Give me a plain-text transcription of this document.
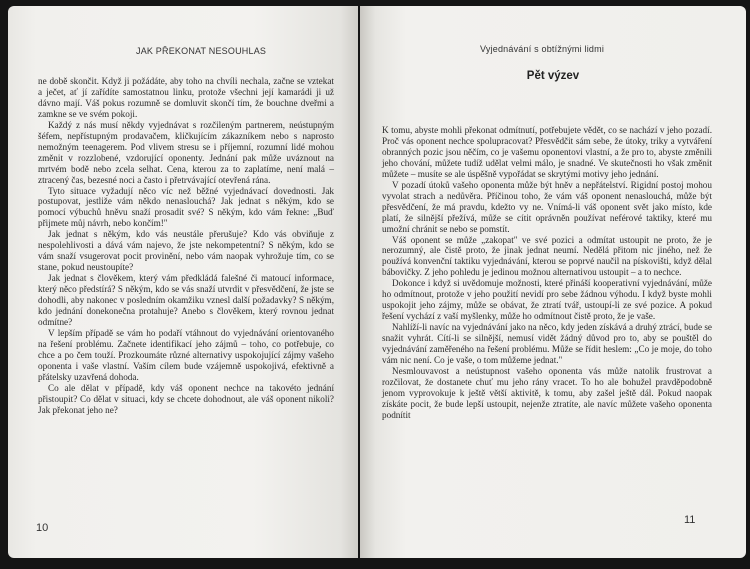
JAK PŘEKONAT NESOUHLAS

ne době skončit. Když ji požádáte, aby toho na chvíli nechala, začne se vztekat a ječet, ať jí zařídíte samostatnou linku, protože všechni její kamarádi ji už dávno mají. Váš pokus rozumně se domluvit skončí tím, že bouchne dveřmi a zamkne se ve svém pokoji.

Každý z nás musí někdy vyjednávat s rozčileným partnerem, neústupným šéfem, nepřístupným prodavačem, kličkujícím zákazníkem nebo s naprosto nemožným teenagerem. Pod vlivem stresu se i příjemní, rozumní lidé mohou změnit v rozzlobené, vzdorující oponenty. Jednání pak může uváznout na mrtvém bodě nebo zcela selhat. Cena, kterou za to zaplatíme, není malá – ztracený čas, bezesné noci a často i přetrvávající otevřená rána.

Tyto situace vyžadují něco víc než běžné vyjednávací dovednosti. Jak postupovat, jestliže vám někdo nenaslouchá? Jak jednat s někým, kdo se pomocí výbuchů hněvu snaží prosadit své? S někým, kdo vám řekne: „Buď přijmete můj návrh, nebo končím!"

Jak jednat s někým, kdo vás neustále přerušuje? Kdo vás obviňuje z nespolehlivosti a dává vám najevo, že jste nekompetentní? S někým, kdo se vám snaží vsugerovat pocit provinění, nebo vám naopak vyhrožuje tím, co se stane, pokud neustoupíte?

Jak jednat s člověkem, který vám předkládá falešné či matoucí informace, který něco předstírá? S někým, kdo se vás snaží utvrdit v přesvědčení, že jste se dohodli, aby nakonec v posledním okamžiku vznesl další požadavky? S někým, kdo jednání donekonečna protahuje? Anebo s člověkem, který rovnou jednat odmítne?

V lepším případě se vám ho podaří vtáhnout do vyjednávání orientovaného na řešení problému. Začnete identifikací jeho zájmů – toho, co potřebuje, co chce a po čem touží. Prozkoumáte různé alternativy uspokojující zájmy vašeho oponenta i vaše vlastní. Vaším cílem bude vzájemně uspokojivá, efektivně a přátelsky uzavřená dohoda.

Co ale dělat v případě, kdy váš oponent nechce na takovéto jednání přistoupit? Co dělat v situaci, kdy se chcete dohodnout, ale váš oponent nikoli? Jak překonat jeho ne?

10
Vyjednávání s obtížnými lidmi
Pět výzev

K tomu, abyste mohli překonat odmítnutí, potřebujete vědět, co se nachází v jeho pozadí. Proč vás oponent nechce spolupracovat? Přesvědčit sám sebe, že útoky, triky a vytváření obranných pozic jsou něčím, co je vašemu oponentovi vlastní, a že pro to, abyste změnili jeho chování, můžete tudíž udělat velmi málo, je snadné. Ve skutečnosti ho však změnit můžete – musíte se ale úspěšně vypořádat se skrytými motivy jeho jednání.

V pozadí útoků vašeho oponenta může být hněv a nepřátelství. Rigidní postoj mohou vyvolat strach a nedůvěra. Příčinou toho, že vám váš oponent nenaslouchá, může být přesvědčení, že má pravdu, kdežto vy ne. Vnímá-li váš oponent svět jako místo, kde platí, že silnější přežívá, může se cítit oprávněn používat neférové taktiky, které mu umožní chránit se nebo se pomstít.

Váš oponent se může „zakopat" ve své pozici a odmítat ustoupit ne proto, že je nerozumný, ale čistě proto, že jinak jednat neumí. Nedělá přitom nic jiného, než že používá konvenční taktiku vyjednávání, kterou se poprvé naučil na pískovišti, když dělal bábovičky. Z jeho pohledu je jedinou možnou alternativou ustoupit – a to nechce.

Dokonce i když si uvědomuje možnosti, které přináší kooperativní vyjednávání, může ho odmítnout, protože v jeho použití nevidí pro sebe žádnou výhodu. I když byste mohli uspokojit jeho zájmy, může se obávat, že ztratí tvář, ustoupí-li ze své pozice. A pokud řešení vychází z vaší myšlenky, může ho odmítnout čistě proto, že je vaše.

Nahlíží-li navíc na vyjednávání jako na něco, kdy jeden získává a druhý ztrácí, bude se snažit vyhrát. Cítí-li se silnější, nemusí vidět žádný důvod pro to, aby se pouštěl do vyjednávání zaměřeného na řešení problému. Může se řídit heslem: „Co je moje, do toho vám nic není. Co je vaše, o tom můžeme jednat."

Nesmlouvavost a neústupnost vašeho oponenta vás může natolik frustrovat a rozčilovat, že dostanete chuť mu jeho rány vracet. To ho ale bohužel pravděpodobně jenom vyprovokuje k ještě větší aktivitě, k tomu, aby zašel ještě dál. Pokud naopak získáte pocit, že bude lepší ustoupit, nejenže ztratíte, ale navíc můžete vašeho oponenta podnítit

11
